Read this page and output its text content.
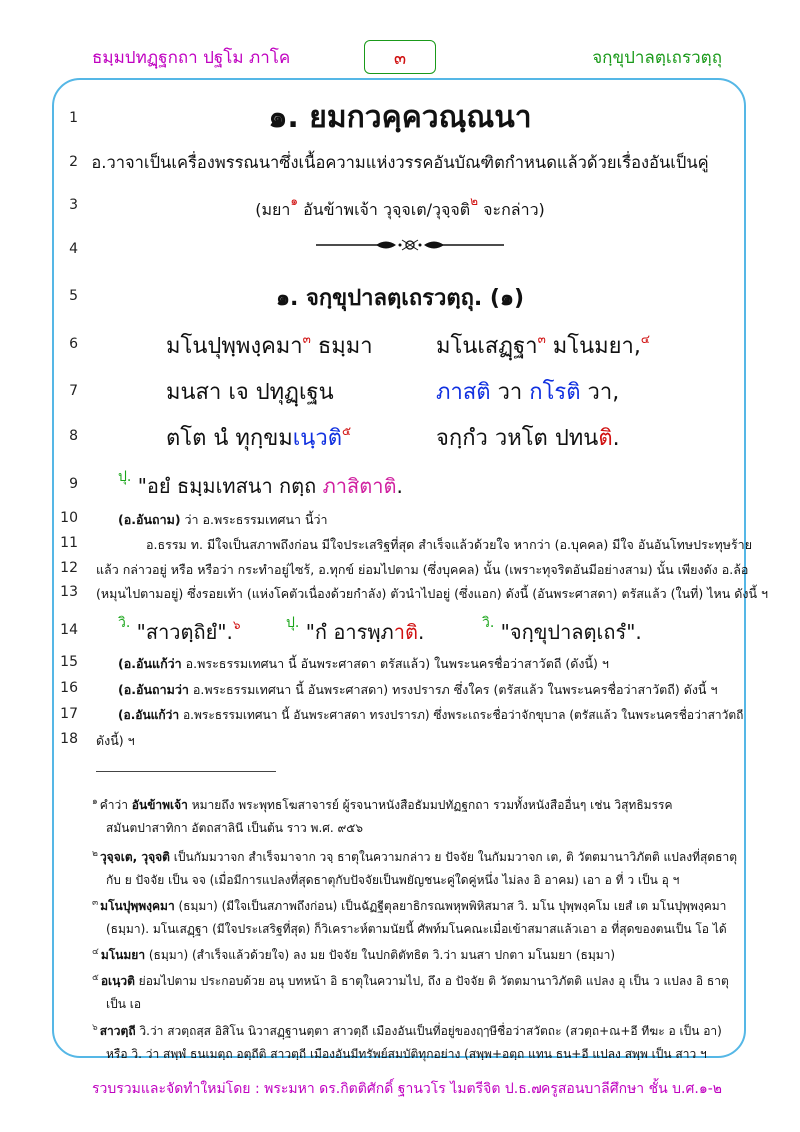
ธมฺมปทฏฺฐกถา ปฐโม ภาโค	๓	จกฺขุปาลตฺเถรวตฺถุ
1
2
3
4
5
6
7
8
9
10
11
12
13
14
15
16
17
18
๑. ยมกวคฺควณฺณนา
อ.วาจาเป็นเครื่องพรรณนาซึ่งเนื้อความแห่งวรรคอันบัณฑิตกำหนดแล้วด้วยเรื่องอันเป็นคู่
(มยา$^๑$ อันข้าพเจ้า วุจฺจเต/วุจฺจติ$^๒$ จะกล่าว)
๑. จกฺขุปาลตฺเถรวตฺถุ. (๑)
มโนปุพฺพงฺคมา$^๓$ ธมฺมา	มโนเสฏฺฐา$^๓$ มโนมยา,$^๔$
มนสา เจ ปทุฏฺเฐน	ภาสติ วา กโรติ วา,
ตโต นํ ทุกฺขมเนฺวติ$^๕$	จกฺกํว วหโต ปทนติ.
$^{ปุ.}$ "อยํ ธมฺมเทสนา กตฺถ ภาสิตาติ.
(อ.อันถาม) ว่า อ.พระธรรมเทศนา นี้ว่า
อ.ธรรม ท. มีใจเป็นสภาพถึงก่อน มีใจประเสริฐที่สุด สำเร็จแล้วด้วยใจ หากว่า (อ.บุคคล) มีใจ อันอันโทษประทุษร้าย
แล้ว กล่าวอยู่ หรือ หรือว่า กระทำอยู่ไซร้, อ.ทุกข์ ย่อมไปตาม (ซึ่งบุคคล) นั้น (เพราะทุจริตอันมีอย่างสาม) นั้น เพียงดัง อ.ล้อ
(หมุนไปตามอยู่) ซึ่งรอยเท้า (แห่งโคตัวเนื่องด้วยกำลัง) ตัวนำไปอยู่ (ซึ่งแอก) ดังนี้ (อันพระศาสดา) ตรัสแล้ว (ในที่) ไหน ดังนี้ ฯ
$^{วิ.}$ "สาวตฺถิยํ".$^๖$	$^{ปุ.}$ "กํ อารพฺภาติ.	$^{วิ.}$ "จกฺขุปาลตฺเถรํ".
(อ.อันแก้ว่า อ.พระธรรมเทศนา นี้ อันพระศาสดา ตรัสแล้ว) ในพระนครชื่อว่าสาวัตถี (ดังนี้) ฯ
(อ.อันถามว่า อ.พระธรรมเทศนา นี้ อันพระศาสดา) ทรงปรารภ ซึ่งใคร (ตรัสแล้ว ในพระนครชื่อว่าสาวัตถี) ดังนี้ ฯ
(อ.อันแก้ว่า อ.พระธรรมเทศนา นี้ อันพระศาสดา ทรงปรารภ) ซึ่งพระเถระชื่อว่าจักขุบาล (ตรัสแล้ว ในพระนครชื่อว่าสาวัตถี
ดังนี้) ฯ
$^๑$ คำว่า อันข้าพเจ้า หมายถึง พระพุทธโฆสาจารย์ ผู้รจนาหนังสือธัมมปทัฏฐกถา รวมทั้งหนังสืออื่นๆ เช่น วิสุทธิมรรค
สมันตปาสาทิกา อัตถสาลินี เป็นต้น ราว พ.ศ. ๙๕๖
$^๒$ วุจฺจเต, วุจฺจติ เป็นกัมมวาจก สำเร็จมาจาก วจฺ ธาตุในความกล่าว ย ปัจจัย ในกัมมวาจก เต, ติ วัตตมานาวิภัตติ แปลงที่สุดธาตุ
กับ ย ปัจจัย เป็น จจ (เมื่อมีการแปลงที่สุดธาตุกับปัจจัยเป็นพยัญชนะคู่ใดคู่หนึ่ง ไม่ลง อิ อาคม) เอา อ ที่ ว เป็น อุ ฯ
$^๓$ มโนปุพฺพงฺคมา (ธมฺมา) (มีใจเป็นสภาพถึงก่อน) เป็นฉัฏฐีตุลยาธิกรณพหุพพิหิสมาส วิ. มโน ปุพฺพงฺคโม เยสํ เต มโนปุพฺพงฺคมา
(ธมฺมา). มโนเสฏฺฐา (มีใจประเสริฐที่สุด) ก็วิเคราะห์ตามนัยนี้ ศัพท์มโนคณะเมื่อเข้าสมาสแล้วเอา อ ที่สุดของตนเป็น โอ ได้
$^๔$ มโนมยา (ธมฺมา) (สำเร็จแล้วด้วยใจ) ลง มย ปัจจัย ในปกติตัทธิต วิ.ว่า มนสา ปกตา มโนมยา (ธมฺมา)
$^๕$ อเนฺวติ ย่อมไปตาม ประกอบด้วย อนุ บทหน้า อิ ธาตุในความไป, ถึง อ ปัจจัย ติ วัตตมานาวิภัตติ แปลง อุ เป็น ว แปลง อิ ธาตุ
เป็น เอ
$^๖$ สาวตฺถี วิ.ว่า สวตฺถสฺส อิสิโน นิวาสฏฺฐานตฺตา สาวตฺถี เมืองอันเป็นที่อยู่ของฤๅษีชื่อว่าสวัตถะ (สวตฺถ+ณ+อี ทีฆะ อ เป็น อา)
หรือ วิ. ว่า สพฺพํ ธนเมตฺถ อตฺถีติ สาวตฺถี เมืองอันมีทรัพย์สมบัติทุกอย่าง (สพฺพ+อตฺถ แทน ธน+อี แปลง สพฺพ เป็น สาว ฯ
รวบรวมและจัดทำใหม่โดย : พระมหา ดร.กิตติศักดิ์ ฐานวโร ไมตรีจิต ป.ธ.๗ ครูสอนบาลีศึกษา ชั้น บ.ศ.๑-๒
